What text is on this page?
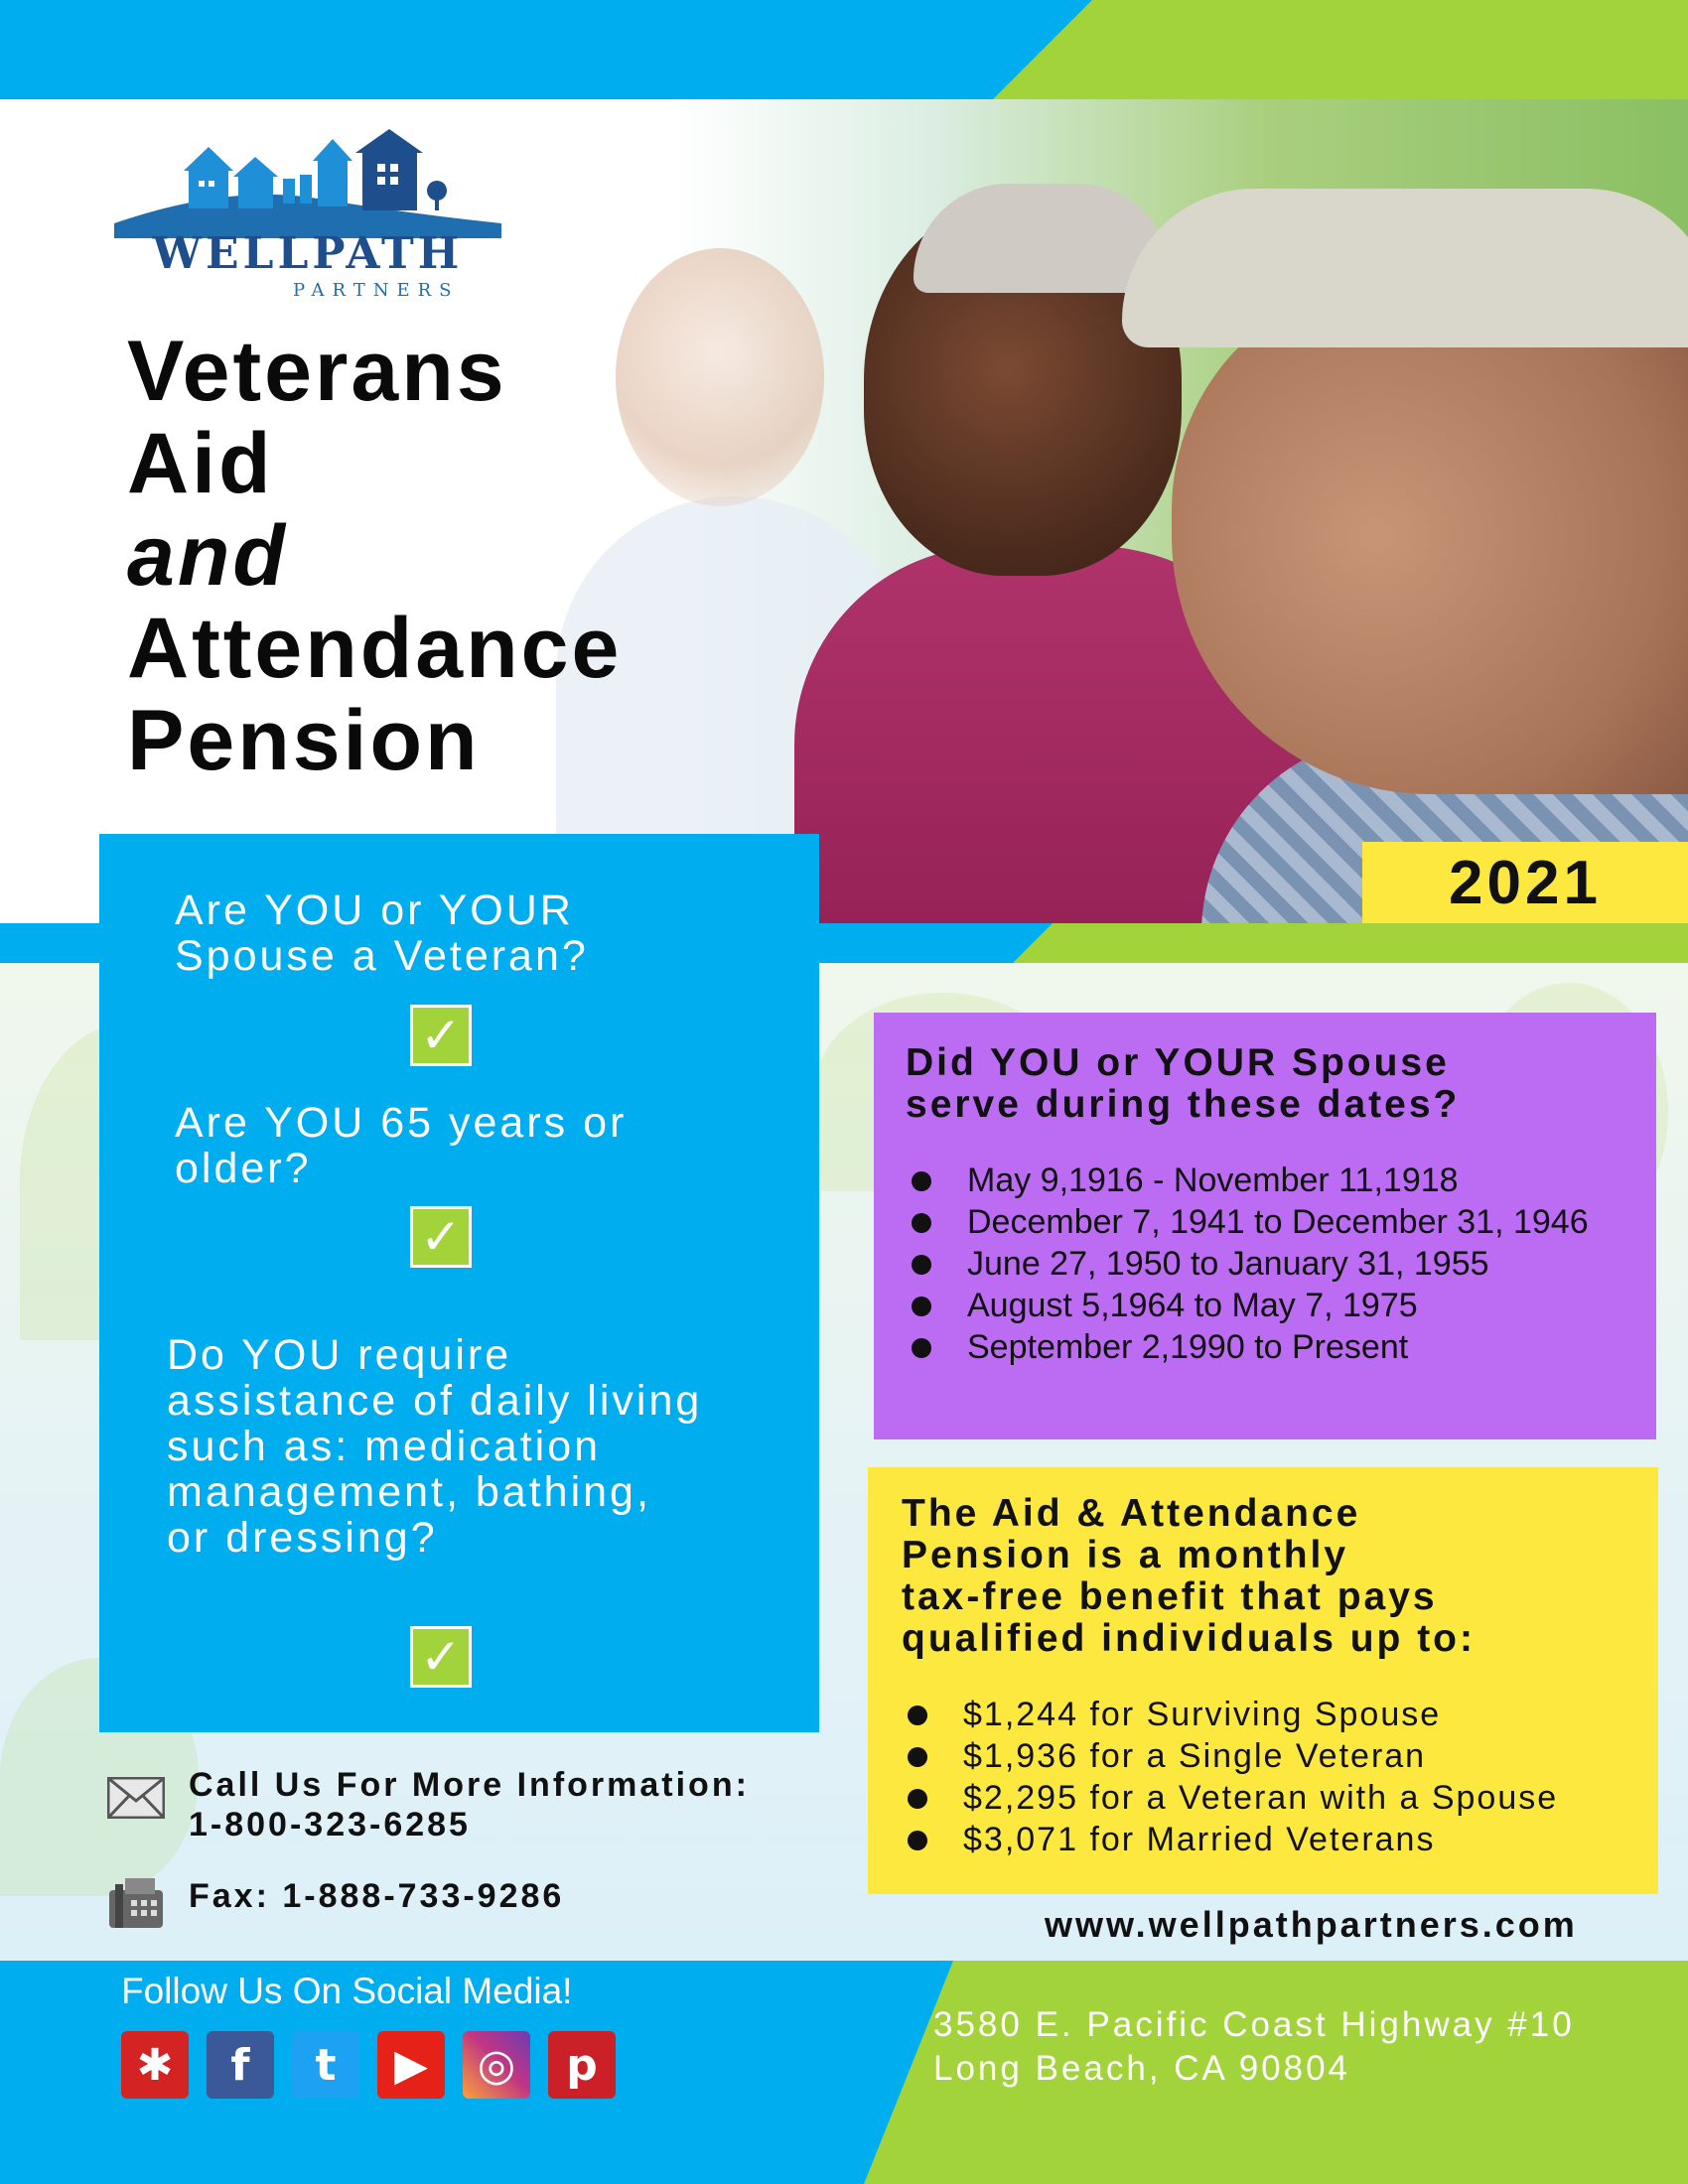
WELLPATH
PARTNERS
Veterans
Aid
and
Attendance
Pension
2021
Are YOU or YOUR
Spouse a Veteran?
✓
Are YOU 65 years or
older?
✓
Do YOU require
assistance of daily living
such as: medication
management, bathing,
or dressing?
✓
Did YOU or YOUR Spouse
serve during these dates?
May 9,1916 - November 11,1918
December 7, 1941 to December 31, 1946
June 27, 1950 to January 31, 1955
August 5,1964 to May 7, 1975
September 2,1990 to Present
The Aid & Attendance
Pension is a monthly
tax-free benefit that pays
qualified individuals up to:
$1,244 for Surviving Spouse
$1,936 for a Single Veteran
$2,295 for a Veteran with a Spouse
$3,071 for Married Veterans
Call Us For More Information:
1-800-323-6285
Fax: 1-888-733-9286
www.wellpathpartners.com
Follow Us On Social Media!
✱	f	t	▶	◎	p
3580 E. Pacific Coast Highway #10
Long Beach, CA 90804
